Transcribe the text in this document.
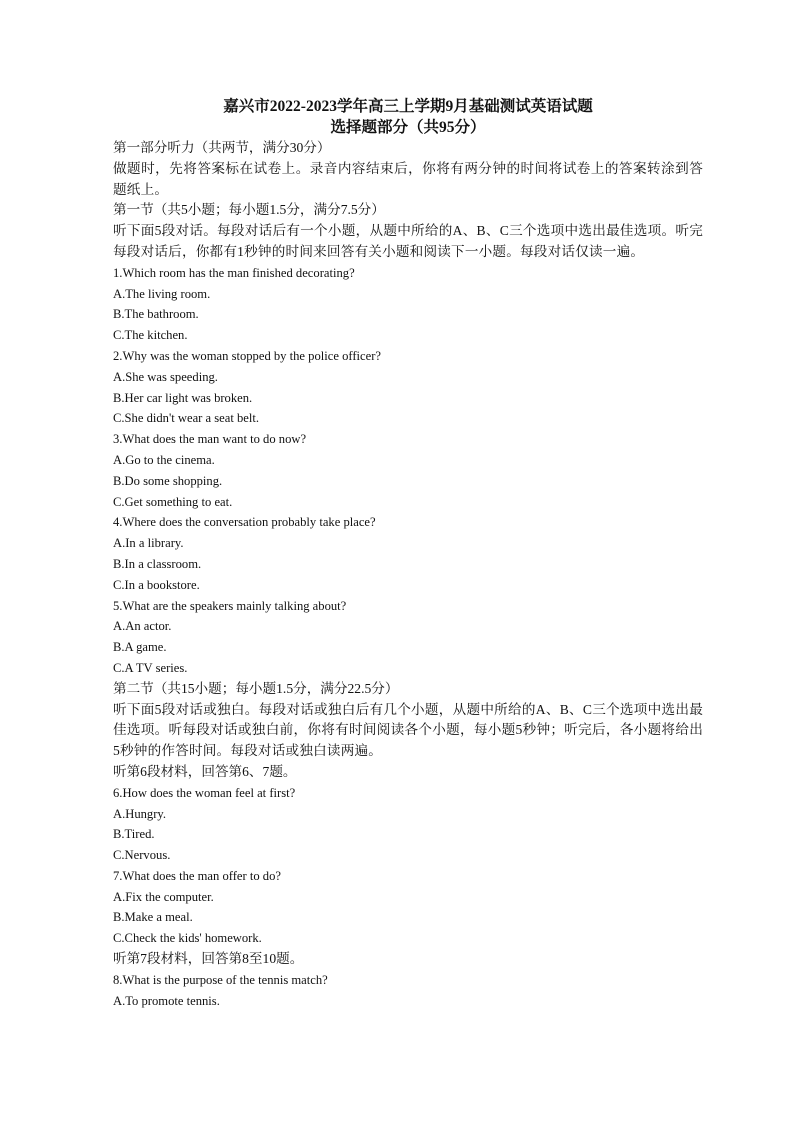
嘉兴市2022-2023学年高三上学期9月基础测试英语试题

选择题部分（共95分）

第一部分听力（共两节，满分30分）

做题时，先将答案标在试卷上。录音内容结束后，你将有两分钟的时间将试卷上的答案转涂到答题纸上。

第一节（共5小题；每小题1.5分，满分7.5分）

听下面5段对话。每段对话后有一个小题，从题中所给的A、B、C三个选项中选出最佳选项。听完每段对话后，你都有1秒钟的时间来回答有关小题和阅读下一小题。每段对话仅读一遍。

1.Which room has the man finished decorating?

A.The living room.

B.The bathroom.

C.The kitchen.

2.Why was the woman stopped by the police officer?

A.She was speeding.

B.Her car light was broken.

C.She didn't wear a seat belt.

3.What does the man want to do now?

A.Go to the cinema.

B.Do some shopping.

C.Get something to eat.

4.Where does the conversation probably take place?

A.In a library.

B.In a classroom.

C.In a bookstore.

5.What are the speakers mainly talking about?

A.An actor.

B.A game.

C.A TV series.

第二节（共15小题；每小题1.5分，满分22.5分）

听下面5段对话或独白。每段对话或独白后有几个小题，从题中所给的A、B、C三个选项中选出最佳选项。听每段对话或独白前，你将有时间阅读各个小题，每小题5秒钟；听完后，各小题将给出5秒钟的作答时间。每段对话或独白读两遍。

听第6段材料，回答第6、7题。

6.How does the woman feel at first?

A.Hungry.

B.Tired.

C.Nervous.

7.What does the man offer to do?

A.Fix the computer.

B.Make a meal.

C.Check the kids' homework.

听第7段材料，回答第8至10题。

8.What is the purpose of the tennis match?

A.To promote tennis.
